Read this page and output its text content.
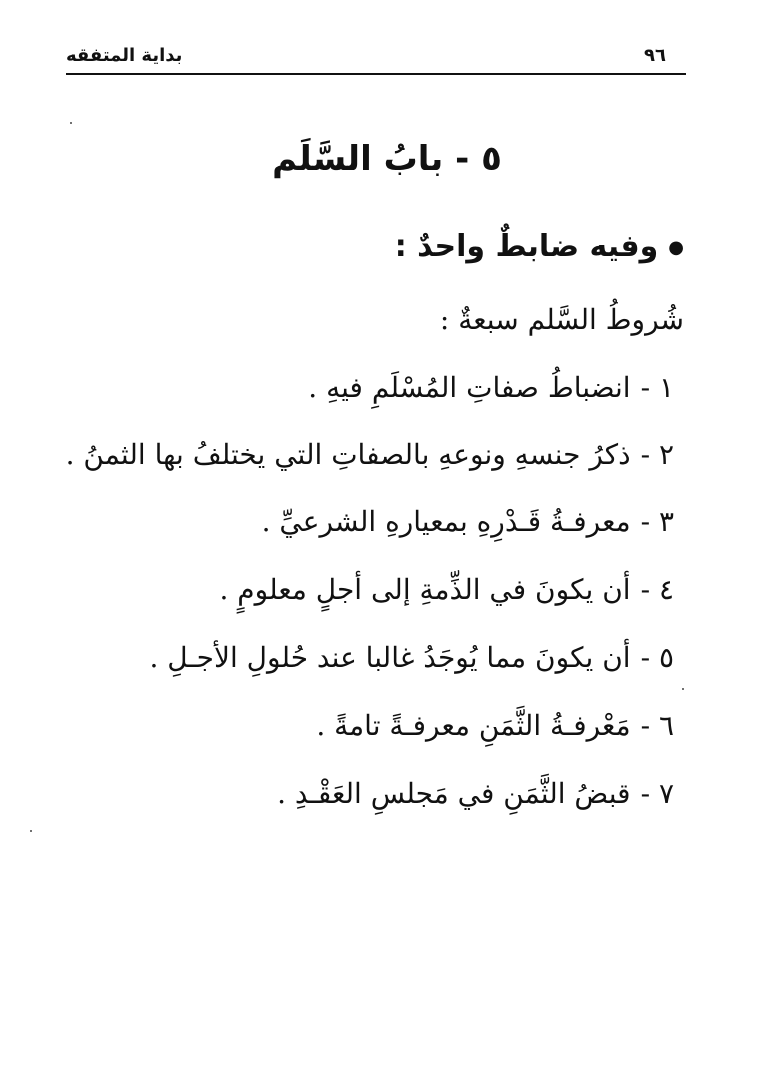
٩٦
بداية المتفقه
٥ - بابُ السَّلَم
●وفيه ضابطٌ واحدٌ :
شُروطُ السَّلم سبعةٌ :
١ -انضباطُ صفاتِ المُسْلَمِ فيهِ .
٢ -ذكرُ جنسهِ ونوعهِ بالصفاتِ التي يختلفُ بها الثمنُ .
٣ -معرفـةُ قَـدْرِهِ بمعيارهِ الشرعيِّ .
٤ -أن يكونَ في الذِّمةِ إلى أجلٍ معلومٍ .
٥ -أن يكونَ مما يُوجَدُ غالبا عند حُلولِ الأجـلِ .
٦ -مَعْرفـةُ الثَّمَنِ معرفـةً تامةً .
٧ -قبضُ الثَّمَنِ في مَجلسِ العَقْـدِ .
